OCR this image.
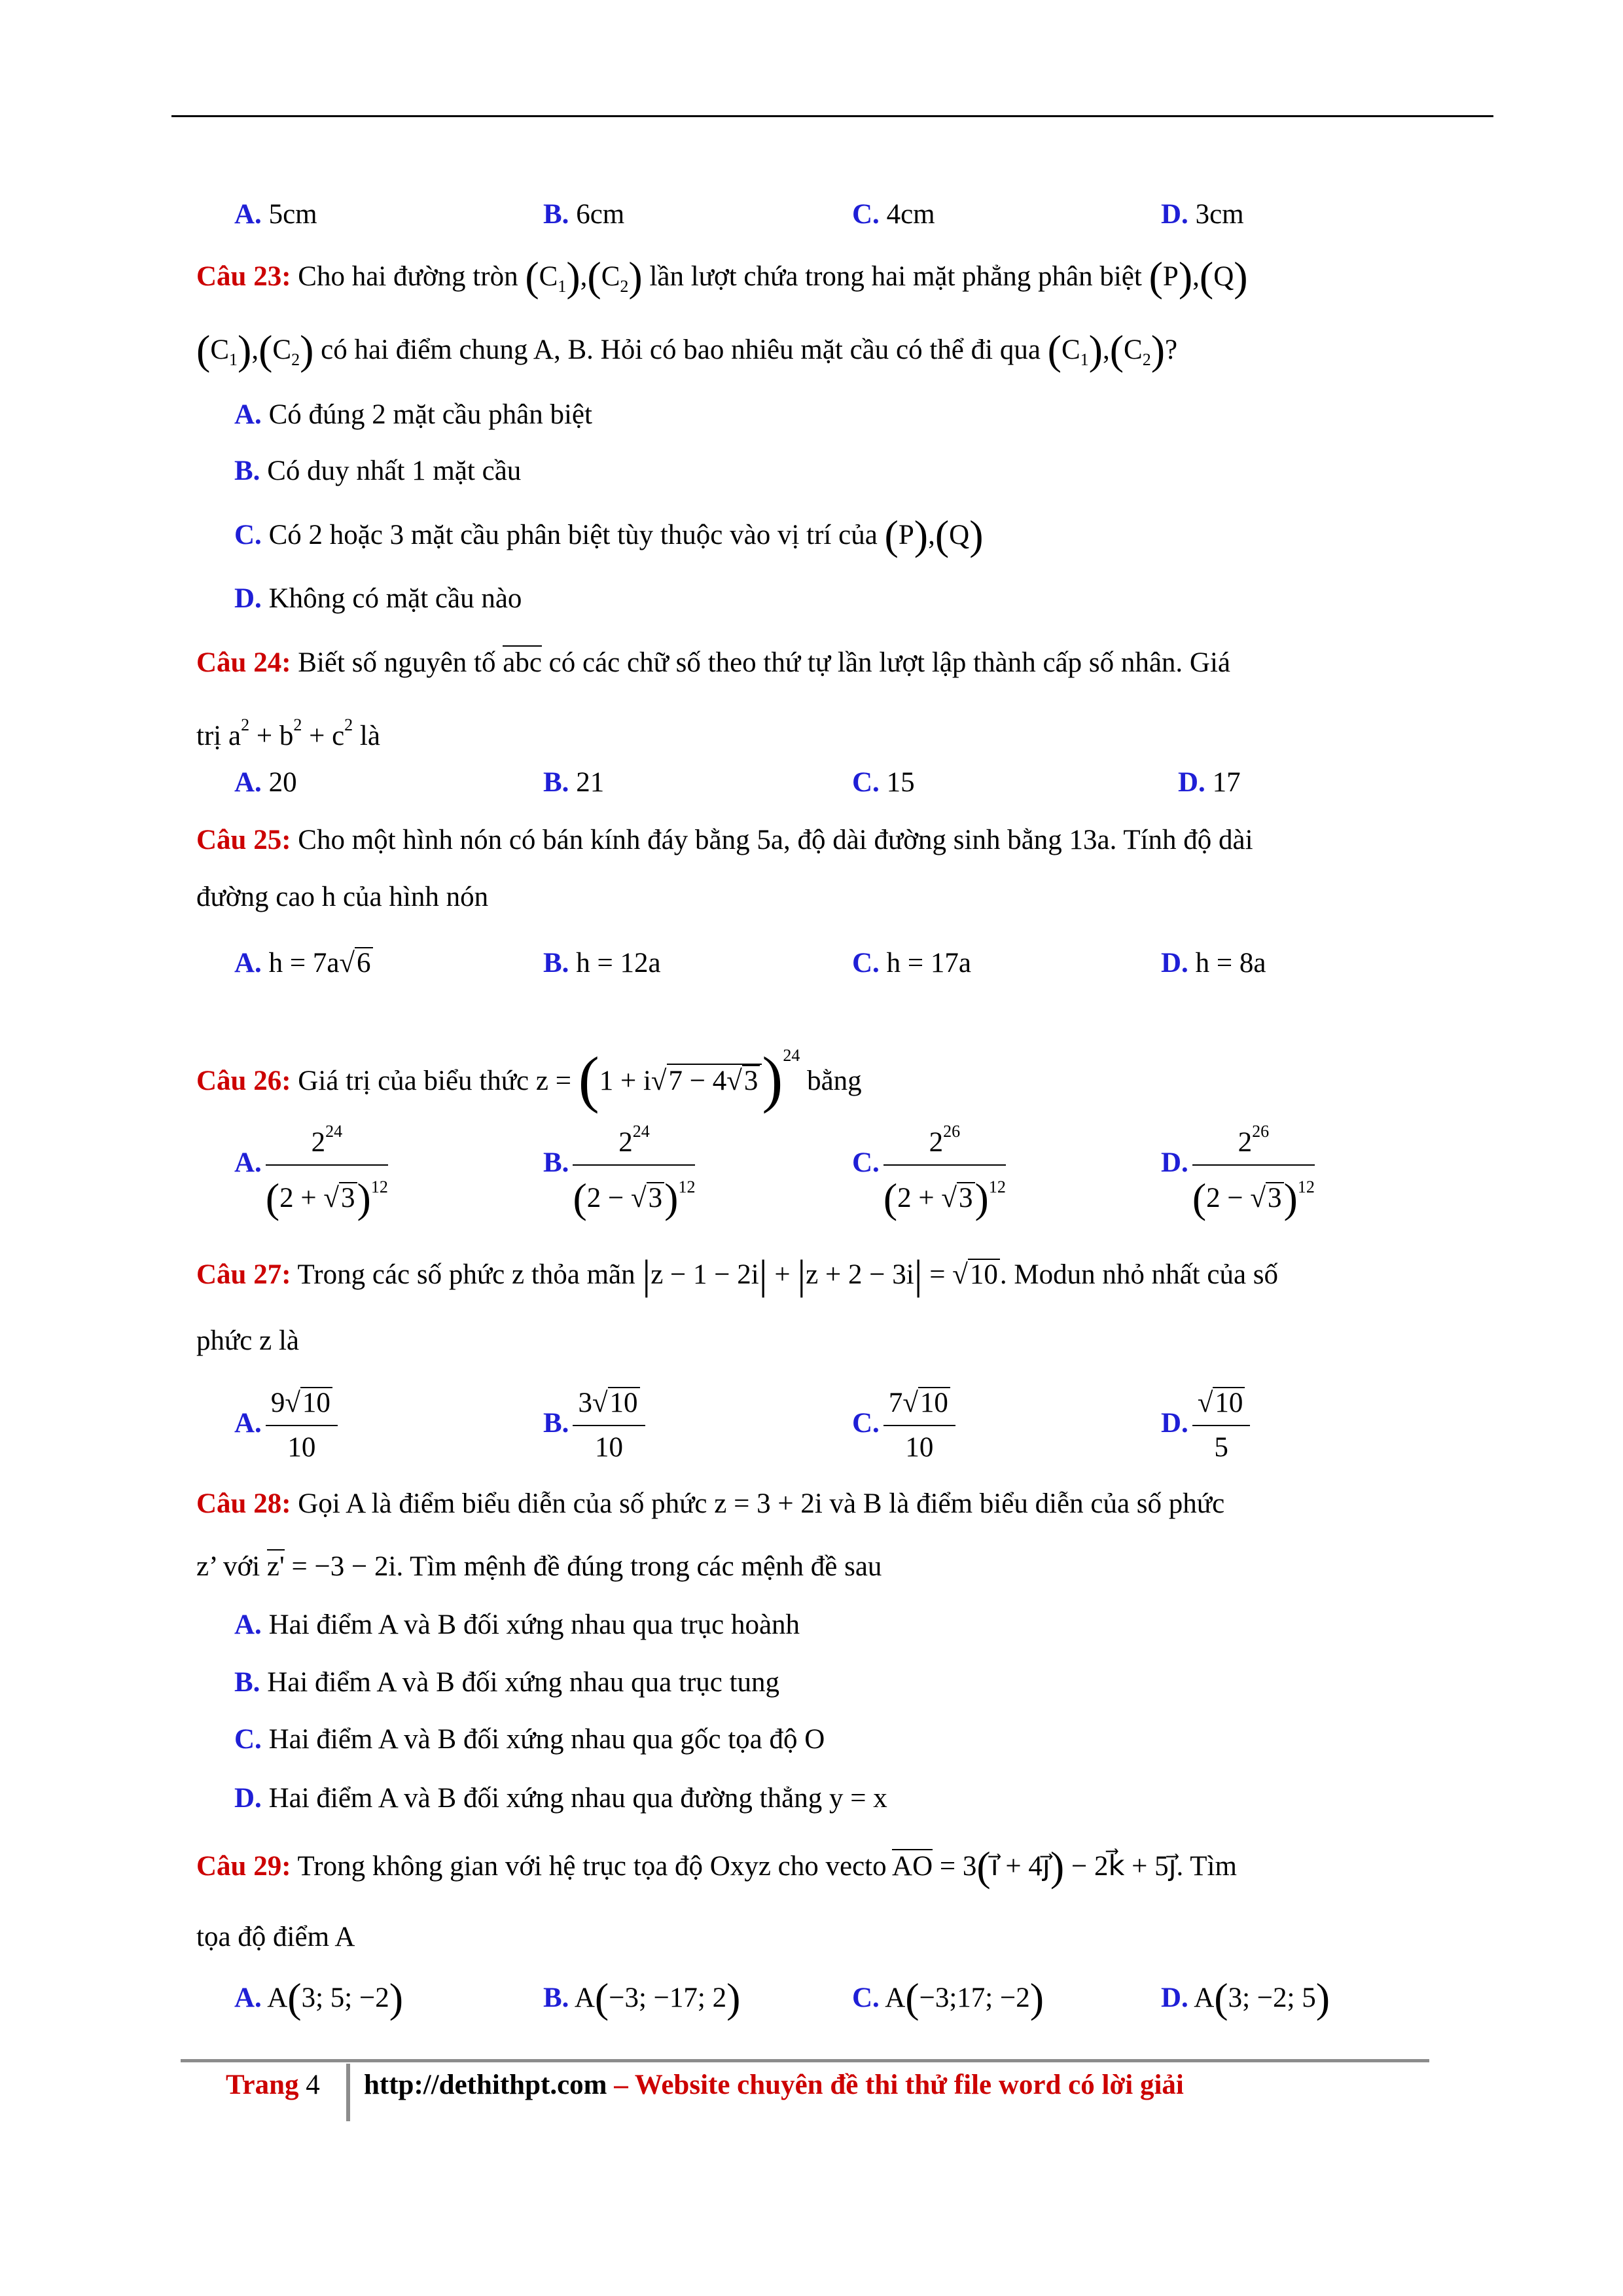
A. 5cm	B. 6cm	C. 4cm	D. 3cm
Câu 23: Cho hai đường tròn $(C_1),(C_2)$ lần lượt chứa trong hai mặt phẳng phân biệt (P),(Q)
$(C_1),(C_2)$ có hai điểm chung A, B. Hỏi có bao nhiêu mặt cầu có thể đi qua $(C_1),(C_2)$?
A. Có đúng 2 mặt cầu phân biệt
B. Có duy nhất 1 mặt cầu
C. Có 2 hoặc 3 mặt cầu phân biệt tùy thuộc vào vị trí của (P),(Q)
D. Không có mặt cầu nào
Câu 24: Biết số nguyên tố abc có các chữ số theo thứ tự lần lượt lập thành cấp số nhân. Giá
trị $a^2 + b^2 + c^2$ là
A. 20	B. 21	C. 15	D. 17
Câu 25: Cho một hình nón có bán kính đáy bằng 5a, độ dài đường sinh bằng 13a. Tính độ dài
đường cao h của hình nón
A. h = 7a√6	B. h = 12a	C. h = 17a	D. h = 8a
Câu 26: Giá trị của biểu thức $z = (1 + i√7 - 4√3)^{24}$ bằng
A. $\frac{2^{24}}{(2 + √3)^{12}}$	B. $\frac{2^{24}}{(2 - √3)^{12}}$	C. $\frac{2^{26}}{(2 + √3)^{12}}$	D. $\frac{2^{26}}{(2 - √3)^{12}}$
Câu 27: Trong các số phức z thỏa mãn |z − 1 − 2i| + |z + 2 − 3i| = √10. Modun nhỏ nhất của số
phức z là
A. $\frac{9√10}{10}$	B. $\frac{3√10}{10}$	C. $\frac{7√10}{10}$	D. $\frac{√10}{5}$
Câu 28: Gọi A là điểm biểu diễn của số phức z = 3 + 2i và B là điểm biểu diễn của số phức
z’ với z' = −3 − 2i. Tìm mệnh đề đúng trong các mệnh đề sau
A. Hai điểm A và B đối xứng nhau qua trục hoành
B. Hai điểm A và B đối xứng nhau qua trục tung
C. Hai điểm A và B đối xứng nhau qua gốc tọa độ O
D. Hai điểm A và B đối xứng nhau qua đường thẳng y = x
Câu 29: Trong không gian với hệ trục tọa độ Oxyz cho vecto AO = 3(i⃗ + 4j⃗) − 2k⃗ + 5j⃗. Tìm
tọa độ điểm A
A. A(3; 5; −2)	B. A(−3; −17; 2)	C. A(−3;17; −2)	D. A(3; −2; 5)
Trang 4 http://dethithpt.com – Website chuyên đề thi thử file word có lời giải
